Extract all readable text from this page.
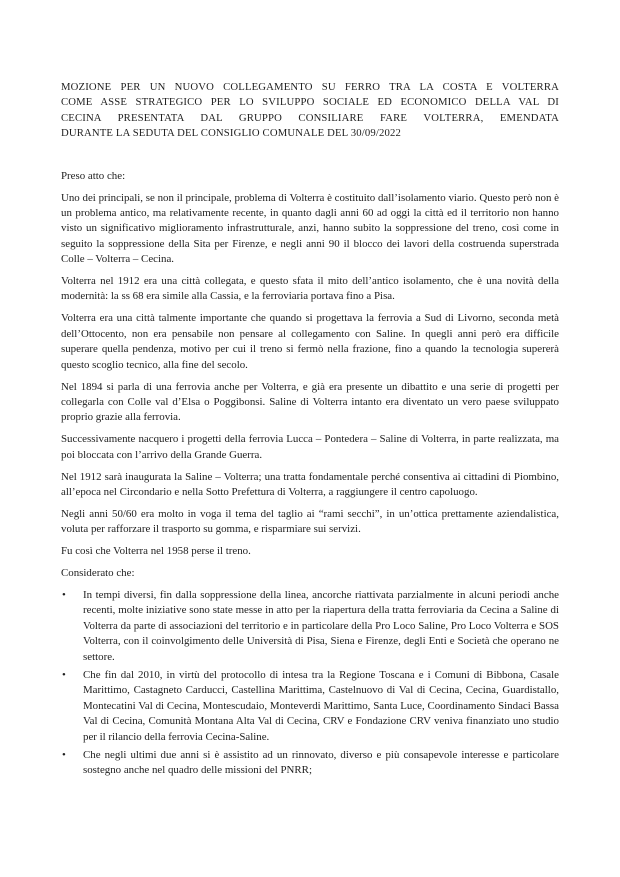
MOZIONE PER UN NUOVO COLLEGAMENTO SU FERRO TRA LA COSTA E VOLTERRA
COME ASSE STRATEGICO PER LO SVILUPPO SOCIALE ED ECONOMICO DELLA VAL DI
CECINA PRESENTATA DAL GRUPPO CONSILIARE FARE VOLTERRA, EMENDATA
DURANTE LA SEDUTA DEL CONSIGLIO COMUNALE DEL 30/09/2022
Preso atto che:

Uno dei principali, se non il principale, problema di Volterra è costituito dall’isolamento viario. Questo però non è un problema antico, ma relativamente recente, in quanto dagli anni 60 ad oggi la città ed il territorio non hanno visto un significativo miglioramento infrastrutturale, anzi, hanno subito la soppressione del treno, così come in seguito la soppressione della Sita per Firenze, e negli anni 90 il blocco dei lavori della costruenda superstrada Colle – Volterra – Cecina.

Volterra nel 1912 era una città collegata, e questo sfata il mito dell’antico isolamento, che è una novità della modernità: la ss 68 era simile alla Cassia, e la ferroviaria portava fino a Pisa.

Volterra era una città talmente importante che quando si progettava la ferrovia a Sud di Livorno, seconda metà dell’Ottocento, non era pensabile non pensare al collegamento con Saline. In quegli anni però era difficile superare quella pendenza, motivo per cui il treno si fermò nella frazione, fino a quando la tecnologia supererà questo scoglio tecnico, alla fine del secolo.

Nel 1894 si parla di una ferrovia anche per Volterra, e già era presente un dibattito e una serie di progetti per collegarla con Colle val d’Elsa o Poggibonsi. Saline di Volterra intanto era diventato un vero paese sviluppato proprio grazie alla ferrovia.

Successivamente nacquero i progetti della ferrovia Lucca – Pontedera – Saline di Volterra, in parte realizzata, ma poi bloccata con l’arrivo della Grande Guerra.

Nel 1912 sarà inaugurata la Saline – Volterra; una tratta fondamentale perché consentiva ai cittadini di Piombino, all’epoca nel Circondario e nella Sotto Prefettura di Volterra, a raggiungere il centro capoluogo.

Negli anni 50/60 era molto in voga il tema del taglio ai “rami secchi”, in un’ottica prettamente aziendalistica, voluta per rafforzare il trasporto su gomma, e risparmiare sui servizi.

Fu così che Volterra nel 1958 perse il treno.

Considerato che:
• In tempi diversi, fin dalla soppressione della linea, ancorche riattivata parzialmente in alcuni periodi anche recenti, molte iniziative sono state messe in atto per la riapertura della tratta ferroviaria da Cecina a Saline di Volterra da parte di associazioni del territorio e in particolare della Pro Loco Saline, Pro Loco Volterra e SOS Volterra, con il coinvolgimento delle Università di Pisa, Siena e Firenze, degli Enti e Società che operano ne settore.
• Che fin dal 2010, in virtù del protocollo di intesa tra la Regione Toscana e i Comuni di Bibbona, Casale Marittimo, Castagneto Carducci, Castellina Marittima, Castelnuovo di Val di Cecina, Cecina, Guardistallo, Montecatini Val di Cecina, Montescudaio, Monteverdi Marittimo, Santa Luce, Coordinamento Sindaci Bassa Val di Cecina, Comunità Montana Alta Val di Cecina, CRV e Fondazione CRV veniva finanziato uno studio per il rilancio della ferrovia Cecina-Saline.
• Che negli ultimi due anni si è assistito ad un rinnovato, diverso e più consapevole interesse e particolare sostegno anche nel quadro delle missioni del PNRR;
